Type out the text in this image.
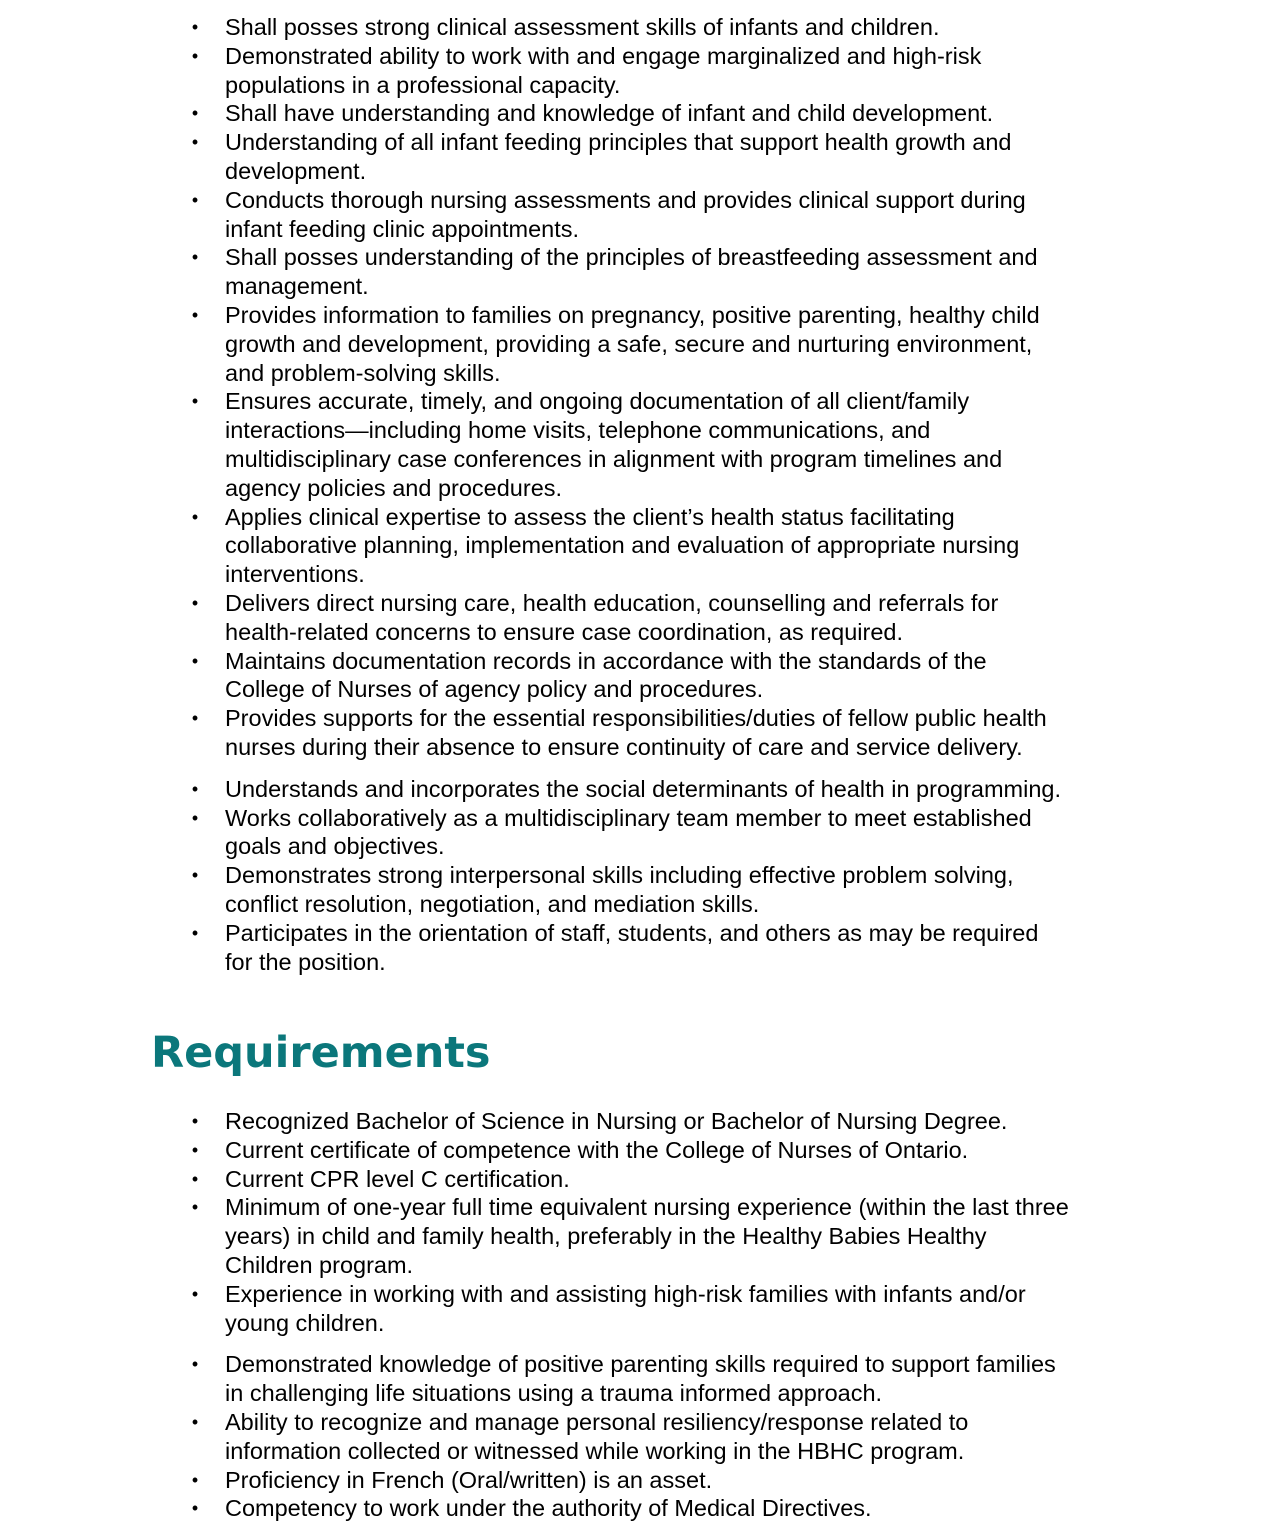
• Shall posses strong clinical assessment skills of infants and children.
• Demonstrated ability to work with and engage marginalized and high-risk
populations in a professional capacity.
• Shall have understanding and knowledge of infant and child development.
• Understanding of all infant feeding principles that support health growth and
development.
• Conducts thorough nursing assessments and provides clinical support during
infant feeding clinic appointments.
• Shall posses understanding of the principles of breastfeeding assessment and
management.
• Provides information to families on pregnancy, positive parenting, healthy child
growth and development, providing a safe, secure and nurturing environment,
and problem-solving skills.
• Ensures accurate, timely, and ongoing documentation of all client/family
interactions—including home visits, telephone communications, and
multidisciplinary case conferences in alignment with program timelines and
agency policies and procedures.
• Applies clinical expertise to assess the client’s health status facilitating
collaborative planning, implementation and evaluation of appropriate nursing
interventions.
• Delivers direct nursing care, health education, counselling and referrals for
health-related concerns to ensure case coordination, as required.
• Maintains documentation records in accordance with the standards of the
College of Nurses of agency policy and procedures.
• Provides supports for the essential responsibilities/duties of fellow public health
nurses during their absence to ensure continuity of care and service delivery.
• Understands and incorporates the social determinants of health in programming.
• Works collaboratively as a multidisciplinary team member to meet established
goals and objectives.
• Demonstrates strong interpersonal skills including effective problem solving,
conflict resolution, negotiation, and mediation skills.
• Participates in the orientation of staff, students, and others as may be required
for the position.
Requirements
• Recognized Bachelor of Science in Nursing or Bachelor of Nursing Degree.
• Current certificate of competence with the College of Nurses of Ontario.
• Current CPR level C certification.
• Minimum of one-year full time equivalent nursing experience (within the last three
years) in child and family health, preferably in the Healthy Babies Healthy
Children program.
• Experience in working with and assisting high-risk families with infants and/or
young children.
• Demonstrated knowledge of positive parenting skills required to support families
in challenging life situations using a trauma informed approach.
• Ability to recognize and manage personal resiliency/response related to
information collected or witnessed while working in the HBHC program.
• Proficiency in French (Oral/written) is an asset.
• Competency to work under the authority of Medical Directives.
